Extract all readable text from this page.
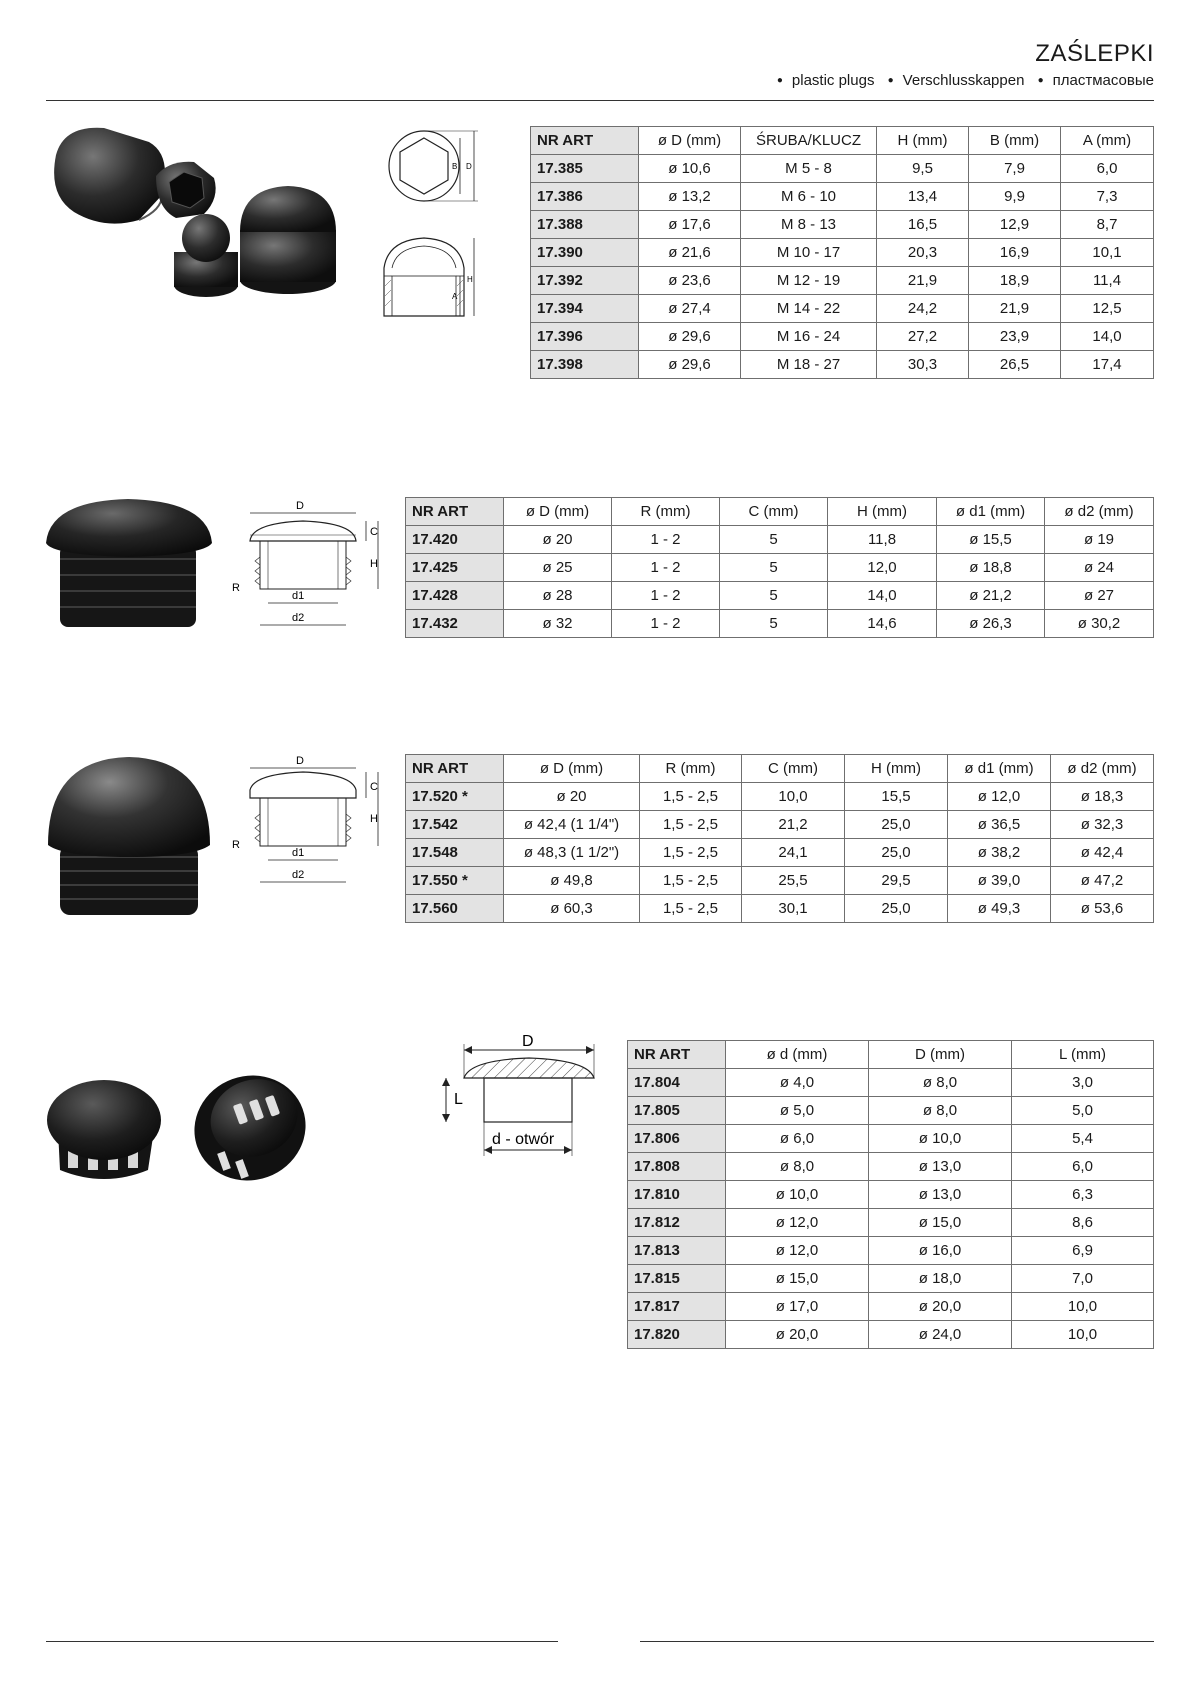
ZAŚLEPKI
● plastic plugs ● Verschlusskappen ● пластмасовые
B D
A
H
NR ART	ø D (mm)	ŚRUBA/KLUCZ	H (mm)	B (mm)	A (mm)
17.385	ø 10,6	M 5 - 8	9,5	7,9	6,0
17.386	ø 13,2	M 6 - 10	13,4	9,9	7,3
17.388	ø 17,6	M 8 - 13	16,5	12,9	8,7
17.390	ø 21,6	M 10 - 17	20,3	16,9	10,1
17.392	ø 23,6	M 12 - 19	21,9	18,9	11,4
17.394	ø 27,4	M 14 - 22	24,2	21,9	12,5
17.396	ø 29,6	M 16 - 24	27,2	23,9	14,0
17.398	ø 29,6	M 18 - 27	30,3	26,5	17,4
D
C
H
R
d1
d2
NR ART	ø D (mm)	R (mm)	C (mm)	H (mm)	ø d1 (mm)	ø d2 (mm)
17.420	ø 20	1 - 2	5	11,8	ø 15,5	ø 19
17.425	ø 25	1 - 2	5	12,0	ø 18,8	ø 24
17.428	ø 28	1 - 2	5	14,0	ø 21,2	ø 27
17.432	ø 32	1 - 2	5	14,6	ø 26,3	ø 30,2
D
C
H
R
d1
d2
NR ART	ø D (mm)	R (mm)	C (mm)	H (mm)	ø d1 (mm)	ø d2 (mm)
17.520 *	ø 20	1,5 - 2,5	10,0	15,5	ø 12,0	ø 18,3
17.542	ø 42,4 (1 1/4")	1,5 - 2,5	21,2	25,0	ø 36,5	ø 32,3
17.548	ø 48,3 (1 1/2")	1,5 - 2,5	24,1	25,0	ø 38,2	ø 42,4
17.550 *	ø 49,8	1,5 - 2,5	25,5	29,5	ø 39,0	ø 47,2
17.560	ø 60,3	1,5 - 2,5	30,1	25,0	ø 49,3	ø 53,6
D
L
d - otwór
NR ART	ø d (mm)	D (mm)	L (mm)
17.804	ø 4,0	ø 8,0	3,0
17.805	ø 5,0	ø 8,0	5,0
17.806	ø 6,0	ø 10,0	5,4
17.808	ø 8,0	ø 13,0	6,0
17.810	ø 10,0	ø 13,0	6,3
17.812	ø 12,0	ø 15,0	8,6
17.813	ø 12,0	ø 16,0	6,9
17.815	ø 15,0	ø 18,0	7,0
17.817	ø 17,0	ø 20,0	10,0
17.820	ø 20,0	ø 24,0	10,0
